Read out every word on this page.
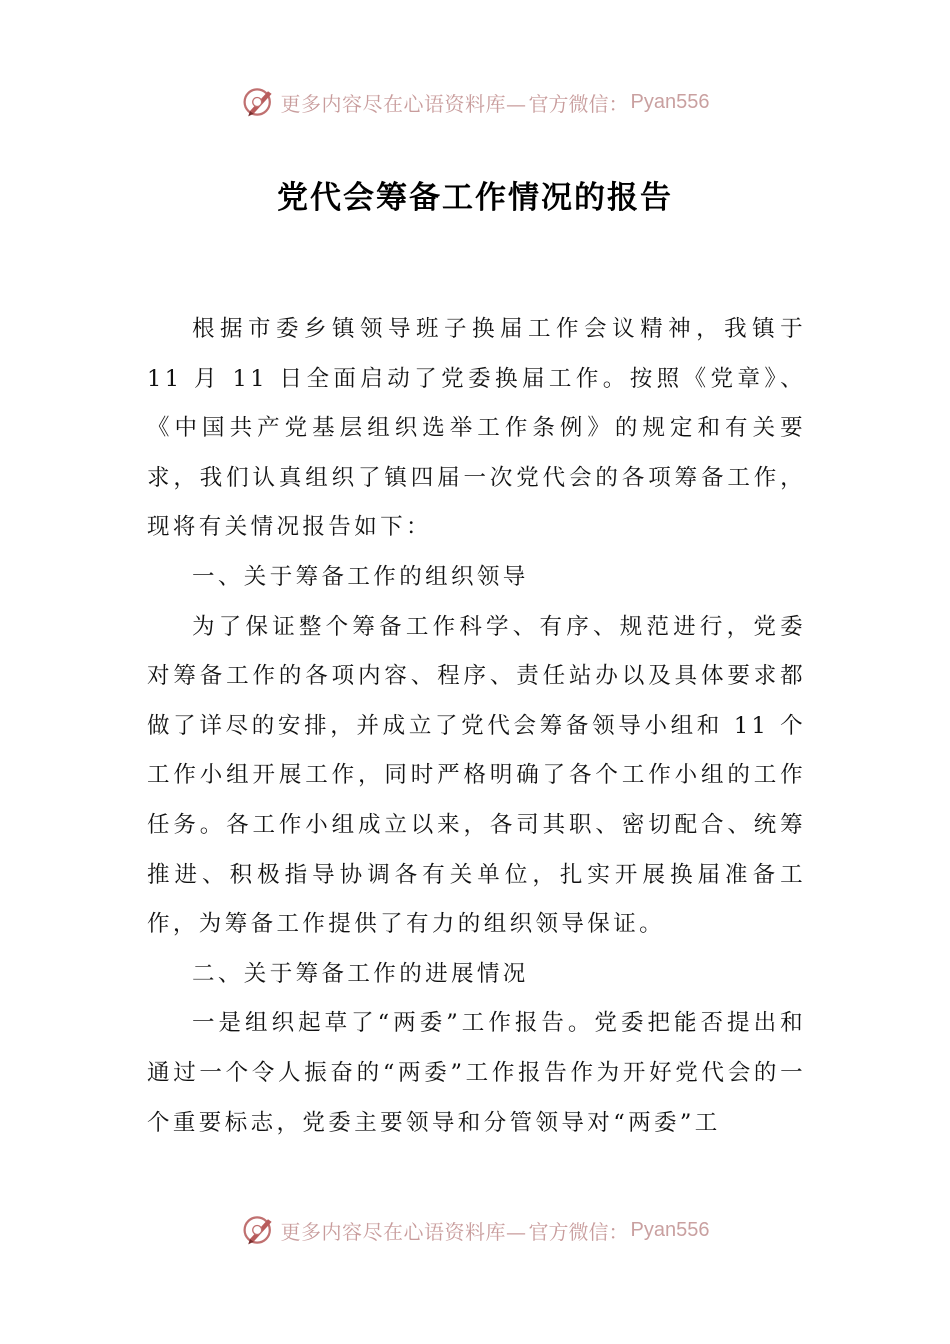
更多内容尽在心语资料库— 官方微信： Pyan556
党代会筹备工作情况的报告

根据市委乡镇领导班子换届工作会议精神，我镇于 11 月 11 日全面启动了党委换届工作。按照《党章》、《中国共产党基层组织选举工作条例》的规定和有关要求，我们认真组织了镇四届一次党代会的各项筹备工作，现将有关情况报告如下：

一、关于筹备工作的组织领导

为了保证整个筹备工作科学、有序、规范进行，党委对筹备工作的各项内容、程序、责任站办以及具体要求都做了详尽的安排，并成立了党代会筹备领导小组和 11 个工作小组开展工作，同时严格明确了各个工作小组的工作任务。各工作小组成立以来，各司其职、密切配合、统筹推进、积极指导协调各有关单位，扎实开展换届准备工作，为筹备工作提供了有力的组织领导保证。

二、关于筹备工作的进展情况

一是组织起草了“两委”工作报告。党委把能否提出和通过一个令人振奋的“两委”工作报告作为开好党代会的一个重要标志，党委主要领导和分管领导对“两委”工

更多内容尽在心语资料库— 官方微信： Pyan556
